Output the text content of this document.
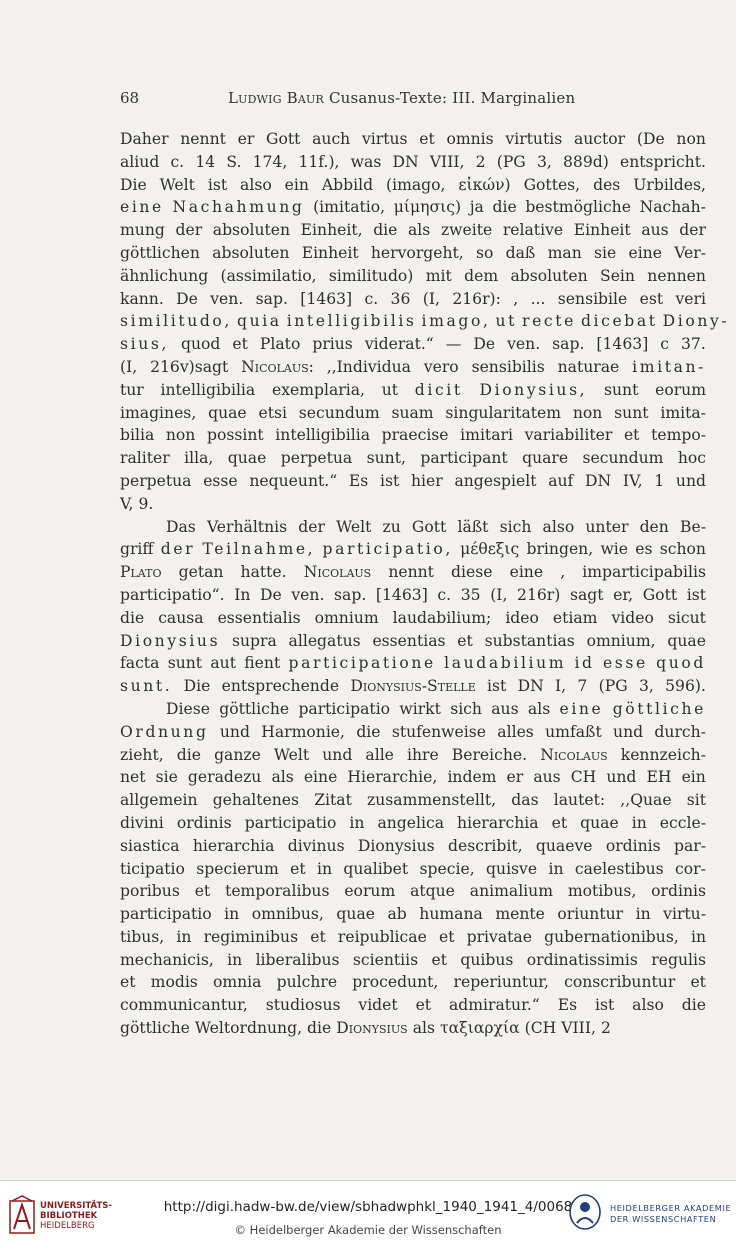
68	Ludwig Baur Cusanus-Texte: III. Marginalien
Daher nennt er Gott auch virtus et omnis virtutis auctor (De non
aliud c. 14 S. 174, 11f.), was DN VIII, 2 (PG 3, 889d) entspricht.
Die Welt ist also ein Abbild (imago, εἰκών) Gottes, des Urbildes,
eine Nachahmung (imitatio, μίμησις) ja die bestmögliche Nachah-
mung der absoluten Einheit, die als zweite relative Einheit aus der
göttlichen absoluten Einheit hervorgeht, so daß man sie eine Ver-
ähnlichung (assimilatio, similitudo) mit dem absoluten Sein nennen
kann. De ven. sap. [1463] c. 36 (I, 216r): , ... sensibile est veri
similitudo, quia intelligibilis imago, ut recte dicebat Diony-
sius, quod et Plato prius viderat.“ — De ven. sap. [1463] c 37.
(I, 216v)sagt Nicolaus: ,,Individua vero sensibilis naturae imitan-
tur intelligibilia exemplaria, ut dicit Dionysius, sunt eorum
imagines, quae etsi secundum suam singularitatem non sunt imita-
bilia non possint intelligibilia praecise imitari variabiliter et tempo-
raliter illa, quae perpetua sunt, participant quare secundum hoc
perpetua esse nequeunt.“ Es ist hier angespielt auf DN IV, 1 und
V, 9.
Das Verhältnis der Welt zu Gott läßt sich also unter den Be-
griff der Teilnahme, participatio, μέθεξις bringen, wie es schon
Plato getan hatte. Nicolaus nennt diese eine , imparticipabilis
participatio“. In De ven. sap. [1463] c. 35 (I, 216r) sagt er, Gott ist
die causa essentialis omnium laudabilium; ideo etiam video sicut
Dionysius supra allegatus essentias et substantias omnium, quae
facta sunt aut fient participatione laudabilium id esse quod
sunt. Die entsprechende Dionysius-Stelle ist DN I, 7 (PG 3, 596).
Diese göttliche participatio wirkt sich aus als eine göttliche
Ordnung und Harmonie, die stufenweise alles umfaßt und durch-
zieht, die ganze Welt und alle ihre Bereiche. Nicolaus kennzeich-
net sie geradezu als eine Hierarchie, indem er aus CH und EH ein
allgemein gehaltenes Zitat zusammenstellt, das lautet: ,,Quae sit
divini ordinis participatio in angelica hierarchia et quae in eccle-
siastica hierarchia divinus Dionysius describit, quaeve ordinis par-
ticipatio specierum et in qualibet specie, quisve in caelestibus cor-
poribus et temporalibus eorum atque animalium motibus, ordinis
participatio in omnibus, quae ab humana mente oriuntur in virtu-
tibus, in regiminibus et reipublicae et privatae gubernationibus, in
mechanicis, in liberalibus scientiis et quibus ordinatissimis regulis
et modis omnia pulchre procedunt, reperiuntur, conscribuntur et
communicantur, studiosus videt et admiratur.“ Es ist also die
göttliche Weltordnung, die Dionysius als ταξιαρχία (CH VIII, 2
UNIVERSITÄTS-
BIBLIOTHEK
HEIDELBERG
http://digi.hadw-bw.de/view/sbhadwphkl_1940_1941_4/0068
© Heidelberger Akademie der Wissenschaften
HEIDELBERGER AKADEMIE
DER WISSENSCHAFTEN
